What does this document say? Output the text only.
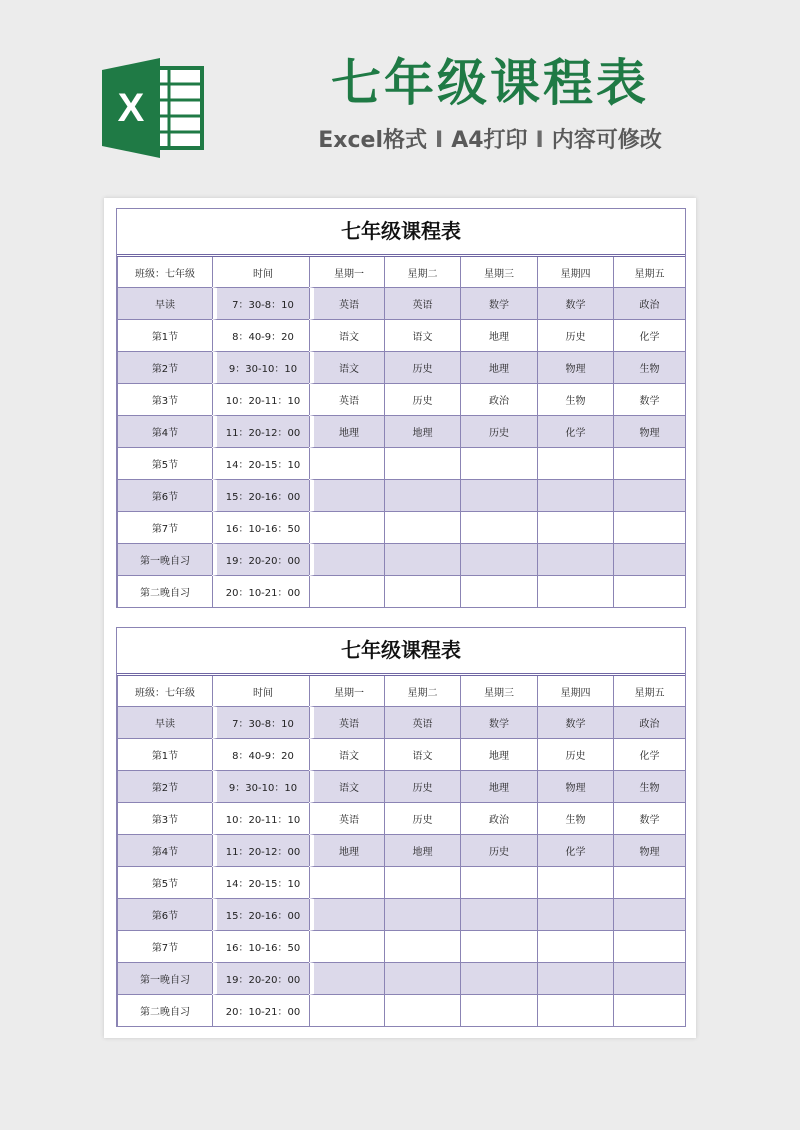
X	七年级课程表
Excel格式 I A4打印 I 内容可修改
七年级课程表
班级：七年级	时间	星期一	星期二	星期三	星期四	星期五
早读	7：30-8：10	英语	英语	数学	数学	政治
第1节	8：40-9：20	语文	语文	地理	历史	化学
第2节	9：30-10：10	语文	历史	地理	物理	生物
第3节	10：20-11：10	英语	历史	政治	生物	数学
第4节	11：20-12：00	地理	地理	历史	化学	物理
第5节	14：20-15：10					
第6节	15：20-16：00					
第7节	16：10-16：50					
第一晚自习	19：20-20：00					
第二晚自习	20：10-21：00					
七年级课程表
班级：七年级	时间	星期一	星期二	星期三	星期四	星期五
早读	7：30-8：10	英语	英语	数学	数学	政治
第1节	8：40-9：20	语文	语文	地理	历史	化学
第2节	9：30-10：10	语文	历史	地理	物理	生物
第3节	10：20-11：10	英语	历史	政治	生物	数学
第4节	11：20-12：00	地理	地理	历史	化学	物理
第5节	14：20-15：10					
第6节	15：20-16：00					
第7节	16：10-16：50					
第一晚自习	19：20-20：00					
第二晚自习	20：10-21：00					
